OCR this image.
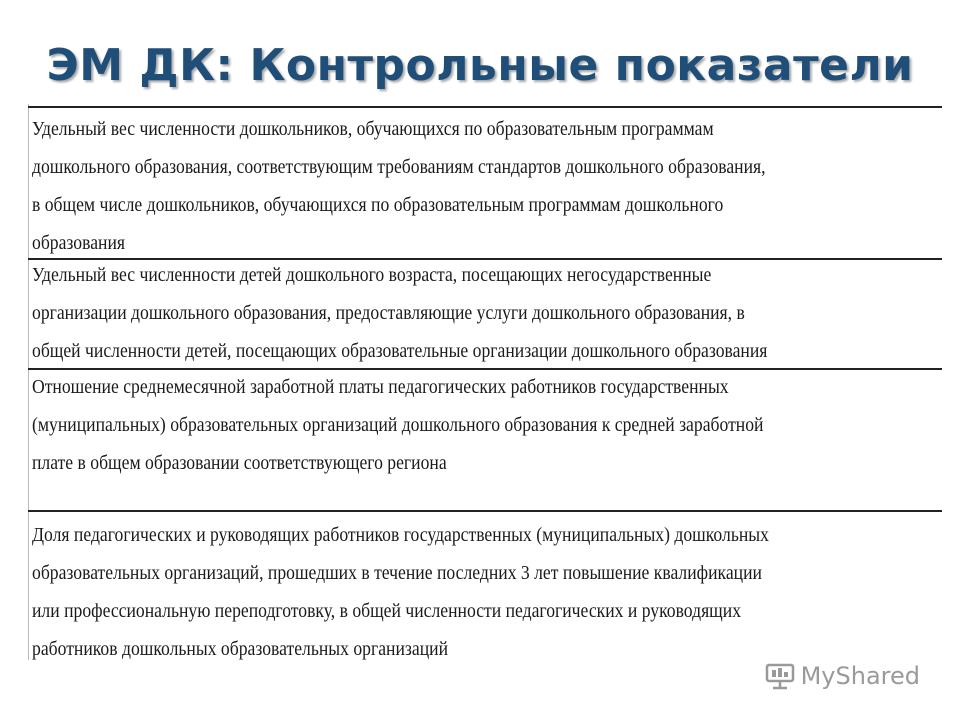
ЭМ ДК: Контрольные показатели
Удельный вес численности дошкольников, обучающихся по образовательным программам
дошкольного образования, соответствующим требованиям стандартов дошкольного образования,
в общем числе дошкольников, обучающихся по образовательным программам дошкольного
образования
Удельный вес численности детей дошкольного возраста, посещающих негосударственные
организации дошкольного образования, предоставляющие услуги дошкольного образования, в
общей численности детей, посещающих образовательные организации дошкольного образования
Отношение среднемесячной заработной платы педагогических работников государственных
(муниципальных) образовательных организаций дошкольного образования к средней заработной
плате в общем образовании соответствующего региона
Доля педагогических и руководящих работников государственных (муниципальных) дошкольных
образовательных организаций, прошедших в течение последних 3 лет повышение квалификации
или профессиональную переподготовку, в общей численности педагогических и руководящих
работников дошкольных образовательных организаций
MyShared
